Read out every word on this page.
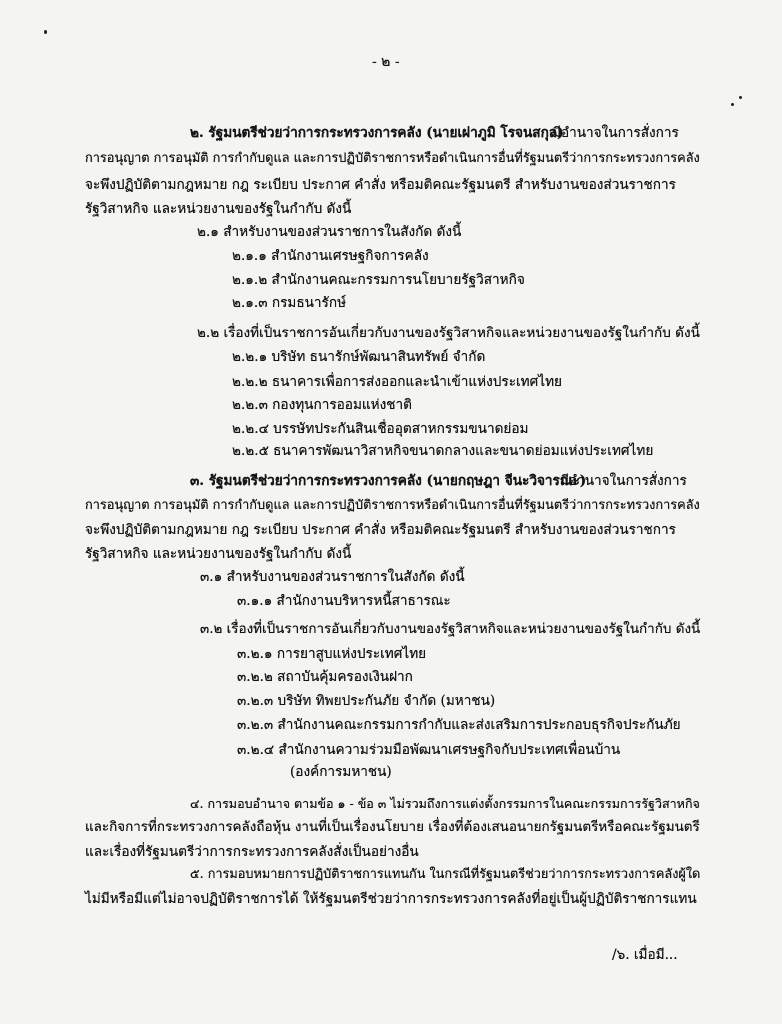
- ๒ -
๒. รัฐมนตรีช่วยว่าการกระทรวงการคลัง (นายเผ่าภูมิ โรจนสกุล)
มีอำนาจในการสั่งการ
การอนุญาต การอนุมัติ การกำกับดูแล และการปฏิบัติราชการหรือดำเนินการอื่นที่รัฐมนตรีว่าการกระทรวงการคลัง
จะพึงปฏิบัติตามกฎหมาย กฎ ระเบียบ ประกาศ คำสั่ง หรือมติคณะรัฐมนตรี สำหรับงานของส่วนราชการ
รัฐวิสาหกิจ และหน่วยงานของรัฐในกำกับ ดังนี้
๒.๑ สำหรับงานของส่วนราชการในสังกัด ดังนี้
๒.๑.๑ สำนักงานเศรษฐกิจการคลัง
๒.๑.๒ สำนักงานคณะกรรมการนโยบายรัฐวิสาหกิจ
๒.๑.๓ กรมธนารักษ์
๒.๒ เรื่องที่เป็นราชการอันเกี่ยวกับงานของรัฐวิสาหกิจและหน่วยงานของรัฐในกำกับ ดังนี้
๒.๒.๑ บริษัท ธนารักษ์พัฒนาสินทรัพย์ จำกัด
๒.๒.๒ ธนาคารเพื่อการส่งออกและนำเข้าแห่งประเทศไทย
๒.๒.๓ กองทุนการออมแห่งชาติ
๒.๒.๔ บรรษัทประกันสินเชื่ออุตสาหกรรมขนาดย่อม
๒.๒.๕ ธนาคารพัฒนาวิสาหกิจขนาดกลางและขนาดย่อมแห่งประเทศไทย
๓. รัฐมนตรีช่วยว่าการกระทรวงการคลัง (นายกฤษฎา จีนะวิจารณะ)
มีอำนาจในการสั่งการ
การอนุญาต การอนุมัติ การกำกับดูแล และการปฏิบัติราชการหรือดำเนินการอื่นที่รัฐมนตรีว่าการกระทรวงการคลัง
จะพึงปฏิบัติตามกฎหมาย กฎ ระเบียบ ประกาศ คำสั่ง หรือมติคณะรัฐมนตรี สำหรับงานของส่วนราชการ
รัฐวิสาหกิจ และหน่วยงานของรัฐในกำกับ ดังนี้
๓.๑ สำหรับงานของส่วนราชการในสังกัด ดังนี้
๓.๑.๑ สำนักงานบริหารหนี้สาธารณะ
๓.๒ เรื่องที่เป็นราชการอันเกี่ยวกับงานของรัฐวิสาหกิจและหน่วยงานของรัฐในกำกับ ดังนี้
๓.๒.๑ การยาสูบแห่งประเทศไทย
๓.๒.๒ สถาบันคุ้มครองเงินฝาก
๓.๒.๓ บริษัท ทิพยประกันภัย จำกัด (มหาชน)
๓.๒.๓ สำนักงานคณะกรรมการกำกับและส่งเสริมการประกอบธุรกิจประกันภัย
๓.๒.๔ สำนักงานความร่วมมือพัฒนาเศรษฐกิจกับประเทศเพื่อนบ้าน
(องค์การมหาชน)
๔. การมอบอำนาจ ตามข้อ ๑ - ข้อ ๓ ไม่รวมถึงการแต่งตั้งกรรมการในคณะกรรมการรัฐวิสาหกิจ
และกิจการที่กระทรวงการคลังถือหุ้น งานที่เป็นเรื่องนโยบาย เรื่องที่ต้องเสนอนายกรัฐมนตรีหรือคณะรัฐมนตรี
และเรื่องที่รัฐมนตรีว่าการกระทรวงการคลังสั่งเป็นอย่างอื่น
๕. การมอบหมายการปฏิบัติราชการแทนกัน ในกรณีที่รัฐมนตรีช่วยว่าการกระทรวงการคลังผู้ใด
ไม่มีหรือมีแต่ไม่อาจปฏิบัติราชการได้ ให้รัฐมนตรีช่วยว่าการกระทรวงการคลังที่อยู่เป็นผู้ปฏิบัติราชการแทน
/๖. เมื่อมี...
